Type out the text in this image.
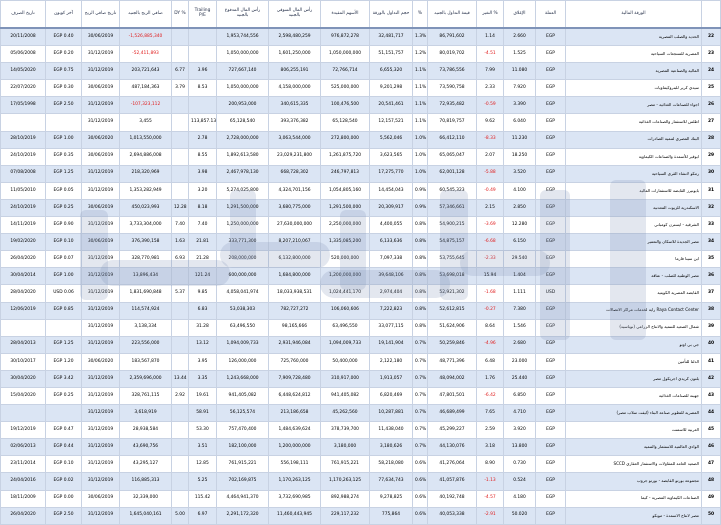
تاريخ الصرف	آخر كوبون	تاريخ صافي الربح	صافي الربح بالجنيه	DY %	Trailing P/E	رأس المال المدفوع بالجنيه	رأس المال السوقي بالجنيه	الأسهم المقيدة	حجم التداول بالورقة	%	قيمة التداول بالجنيه	التغير %	الإغلاق	العملة	الورقة المالية	
20/11/2008	EGP 0.40	30/06/2019	-1,526,885,340			1,953,744,556	2,598,480,259	976,872,278	32,481,717	1.3%	86,791,602	1.14	2.660	EGP	الحديد والصلب المصرية	22
05/06/2008	EGP 0.20	31/12/2019	-52,411,893			1,050,000,000	1,601,250,000	1,050,000,000	51,151,757	1.2%	80,019,702	-4.51	1.525	EGP	المصرية للمنتجعات السياحية	23
14/05/2020	EGP 0.75	31/12/2019	203,721,643	6.77	3.96	727,667,140	806,255,191	72,766,714	6,655,320	1.1%	73,786,556	7.99	11.080	EGP	المالية والصناعية المصرية	24
22/07/2020	EGP 0.30	30/06/2019	487,184,363	3.79	8.53	1,050,000,000	4,158,000,000	525,000,000	9,201,298	1.1%	73,590,758	2.33	7.920	EGP	سيدي كرير للبتروكيماويات	25
17/05/1998	EGP 2.50	31/12/2019	-107,323,112			200,953,000	340,615,335	100,476,500	20,541,461	1.1%	72,935,482	-0.59	3.390	EGP	اجواء للصناعات الغذائية - مصر	26
		31/12/2019	3,455		113,857.13	65,128,540	393,376,382	65,128,540	12,157,521	1.1%	70,819,757	9.62	6.040	EGP	اطلس للاستثمار والصناعات الغذائية	27
28/10/2019	EGP 1.00	30/06/2020	1,013,550,000		2.78	2,728,000,000	3,063,544,000	272,800,000	5,562,046	1.0%	66,412,110	-8.33	11.230	EGP	البنك المصري لتنمية الصادرات	28
24/10/2019	EGP 0.35	30/06/2019	2,694,886,008		8.55	1,892,613,580	23,029,231,800	1,261,875,720	3,623,565	1.0%	65,065,047	2.07	18.250	EGP	ابوقير للأسمدة والصناعات الكيماوية	29
07/08/2008	EGP 1.25	31/12/2019	218,320,969		3.98	2,467,978,130	668,728,302	246,797,813	17,275,770	1.0%	62,001,128	-5.88	3.520	EGP	رمكو لانشاء القرى السياحية	30
11/05/2010	EGP 0.05	31/12/2019	1,353,282,949		3.20	5,274,025,800	4,324,701,156	1,054,805,160	14,454,043	0.9%	60,545,323	-0.49	4.100	EGP	بايونيرز القابضة للاستثمارات المالية	31
24/10/2019	EGP 0.25	30/06/2019	450,023,993	12.28	8.18	1,291,500,000	3,680,775,000	1,291,500,000	20,309,917	0.9%	57,346,661	2.15	2.850	EGP	الاسكندرية للزيوت المعدنية	32
14/11/2019	EGP 0.90	31/12/2019	3,733,304,000	7.40	7.40	1,250,000,000	27,630,000,000	2,250,000,000	4,400,055	0.8%	54,900,215	-3.69	12.280	EGP	الشرقية - ايسترن كومباني	33
19/02/2020	EGP 0.10	30/06/2019	376,390,158	1.63	21.81	333,771,300	8,207,210,067	1,335,085,200	6,133,636	0.8%	54,875,157	-6.68	6.150	EGP	مصر الجديدة للاسكان والتعمير	34
26/04/2020	EGP 0.07	31/12/2019	328,770,981	6.93	21.28	208,000,000	6,132,800,000	520,000,000	7,097,338	0.8%	53,755,645	-2.33	29.540	EGP	ابن سينا فارما	35
30/04/2014	EGP 1.00	31/12/2019	13,896,434		121.24	600,000,000	1,684,800,000	1,200,000,000	39,648,106	0.8%	53,698,018	15.94	1.404	EGP	مصر الوطنية للصلب - عتاقة	36
28/04/2020	USD 0.06	31/12/2019	1,831,690,848	5.37	9.85	4,058,041,974	18,033,938,531	1,024,441,170	2,974,404	0.8%	52,921,302	-1.68	1.111	USD	القابضة المصرية الكويتية	37
12/06/2019	EGP 0.85	31/12/2019	114,574,924		6.83	53,038,303	782,727,272	106,060,606	7,222,823	0.8%	52,612,815	-0.27	7.380	EGP	Raya Contact Center راية لخدمات مراكز الاتصالات	38
		31/12/2019	3,138,334		31.28	63,496,550	98,165,666	63,496,550	33,077,115	0.8%	51,624,906	8.64	1.546	EGP	شمال الصعيد للتنمية والانتاج الزراعي (نوباسيد)	39
28/04/2013	EGP 1.25	31/12/2019	223,556,000		13.12	1,094,009,733	2,931,946,084	1,094,009,733	19,141,904	0.7%	50,259,846	-4.96	2.680	EGP	جي بي اوتو	40
30/10/2017	EGP 1.20	30/06/2020	183,567,870		3.95	126,000,000	725,760,000	50,400,000	2,122,180	0.7%	48,771,396	6.48	23.000	EGP	الدلتا للتأمين	41
30/04/2020	EGP 3.42	31/12/2019	2,359,696,000	13.44	3.35	1,243,668,000	7,909,728,480	310,917,000	1,913,057	0.7%	48,094,002	1.76	25.440	EGP	بلتون كريدي اجريكول مصر	42
15/04/2020	EGP 0.25	31/12/2019	328,761,115	2.92	19.61	941,405,082	6,448,624,812	941,405,082	6,820,469	0.7%	47,801,501	-6.42	6.850	EGP	جهينة للصناعات الغذائية	43
		31/12/2019	3,618,919		58.91	56,125,574	213,186,658	45,262,560	10,287,881	0.7%	46,689,499	7.65	4.710	EGP	المصرية للتطوير صناعة البناء (ليفت سلاب مصر)	44
19/12/2019	EGP 0.47	31/12/2019	28,938,584		53.30	757,470,400	1,484,639,624	378,739,700	11,438,040	0.7%	45,299,227	2.59	3.920	EGP	العربية للاسمنت	45
02/06/2013	EGP 0.44	31/12/2019	43,690,756		3.51	182,100,000	1,200,000,000	3,180,000	3,180,626	0.7%	44,130,076	3.18	13.800	EGP	الوادي العالمية للاستثمار والتنمية	46
23/11/2014	EGP 0.10	31/12/2019	43,295,127		12.85	761,915,221	556,198,111	761,915,221	58,218,080	0.6%	41,276,064	8.90	0.730	EGP	الصعيد العامة للمقاولات والاستثمار العقاري SCCD	47
24/04/2016	EGP 0.02	31/12/2019	116,885,313		5.25	702,169,875	1,170,263,125	1,170,263,125	77,634,743	0.6%	41,057,876	-1.13	0.524	EGP	مجموعة بورتو القابضة - بورتو جروب	48
18/11/2009	EGP 0.00	30/06/2019	32,339,000		115.42	4,464,941,370	3,732,690,985	892,988,274	9,278,825	0.6%	40,192,748	-4.57	4.180	EGP	الصناعات الكيماوية المصرية - كيما	49
26/04/2020	EGP 2.50	31/12/2019	1,645,040,161	5.00	6.97	2,291,172,320	11,460,443,945	229,117,232	775,864	0.6%	40,053,338	-2.91	50.020	EGP	مصر لانتاج الاسمدة - موبكو	50
